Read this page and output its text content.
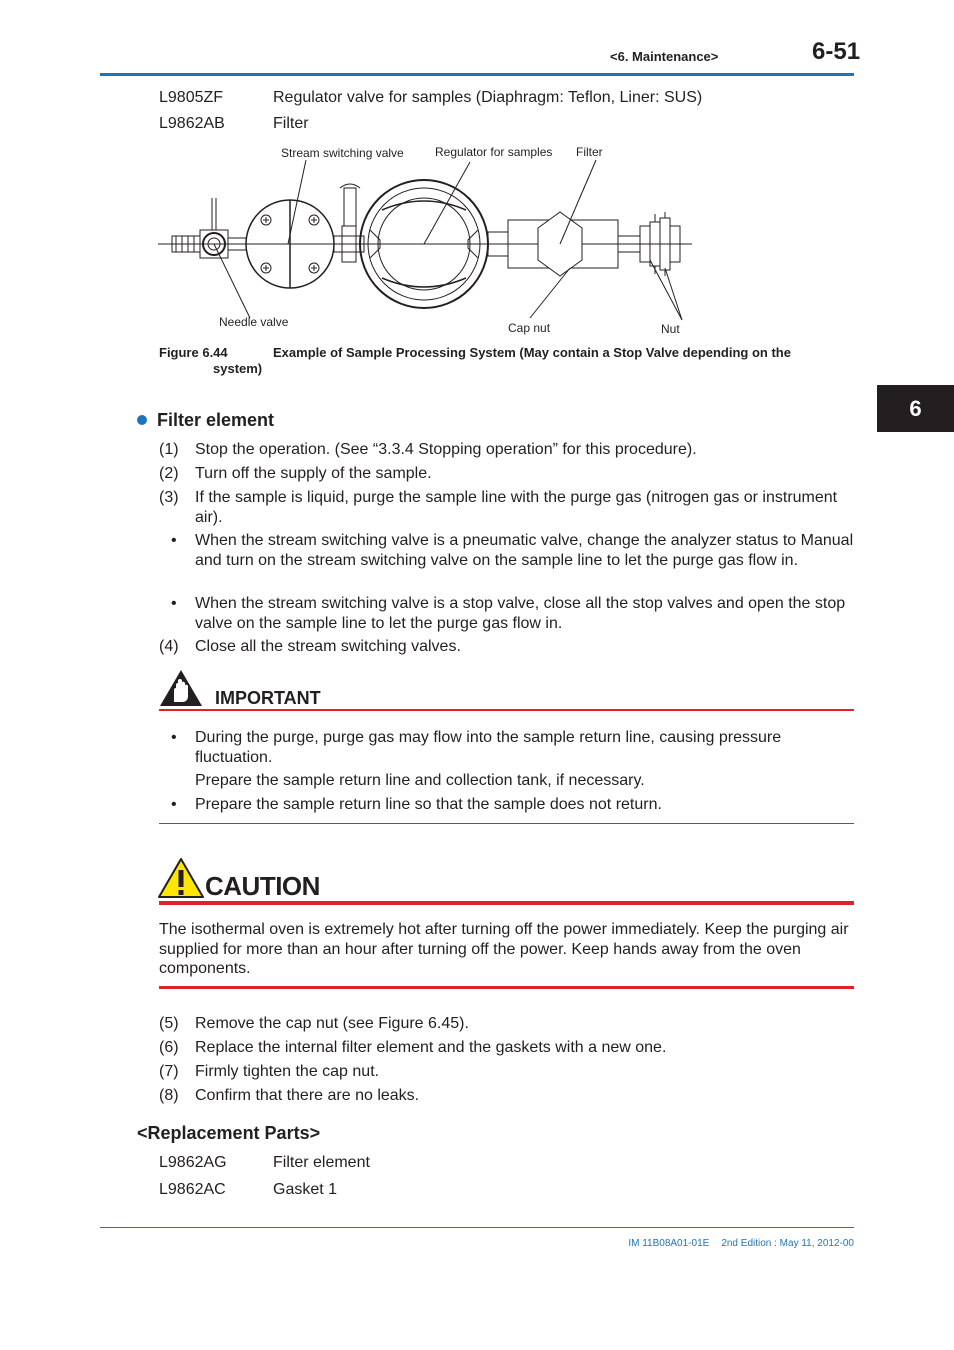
<6. Maintenance>	6-51
6
L9805ZF	Regulator valve for samples (Diaphragm: Teflon, Liner: SUS)
L9862AB	Filter
Stream switching valve	Regulator for samples Filter
Needle valve	Cap nut	Nut
Figure 6.44	Example of Sample Processing System (May contain a Stop Valve depending on the
system)
Filter element
(1) Stop the operation. (See “3.3.4 Stopping operation” for this procedure).
(2) Turn off the supply of the sample.
(3) If the sample is liquid, purge the sample line with the purge gas (nitrogen gas or instrument air).
• When the stream switching valve is a pneumatic valve, change the analyzer status to Manual and turn on the stream switching valve on the sample line to let the purge gas flow in.
• When the stream switching valve is a stop valve, close all the stop valves and open the stop valve on the sample line to let the purge gas flow in.
(4) Close all the stream switching valves.
IMPORTANT
• During the purge, purge gas may flow into the sample return line, causing pressure fluctuation.
Prepare the sample return line and collection tank, if necessary.
• Prepare the sample return line so that the sample does not return.
CAUTION
The isothermal oven is extremely hot after turning off the power immediately. Keep the purging air supplied for more than an hour after turning off the power. Keep hands away from the oven components.
(5) Remove the cap nut (see Figure 6.45).
(6) Replace the internal filter element and the gaskets with a new one.
(7) Firmly tighten the cap nut.
(8) Confirm that there are no leaks.
<Replacement Parts>
L9862AG	Filter element
L9862AC	Gasket 1
IM 11B08A01-01E 2nd Edition : May 11, 2012-00
